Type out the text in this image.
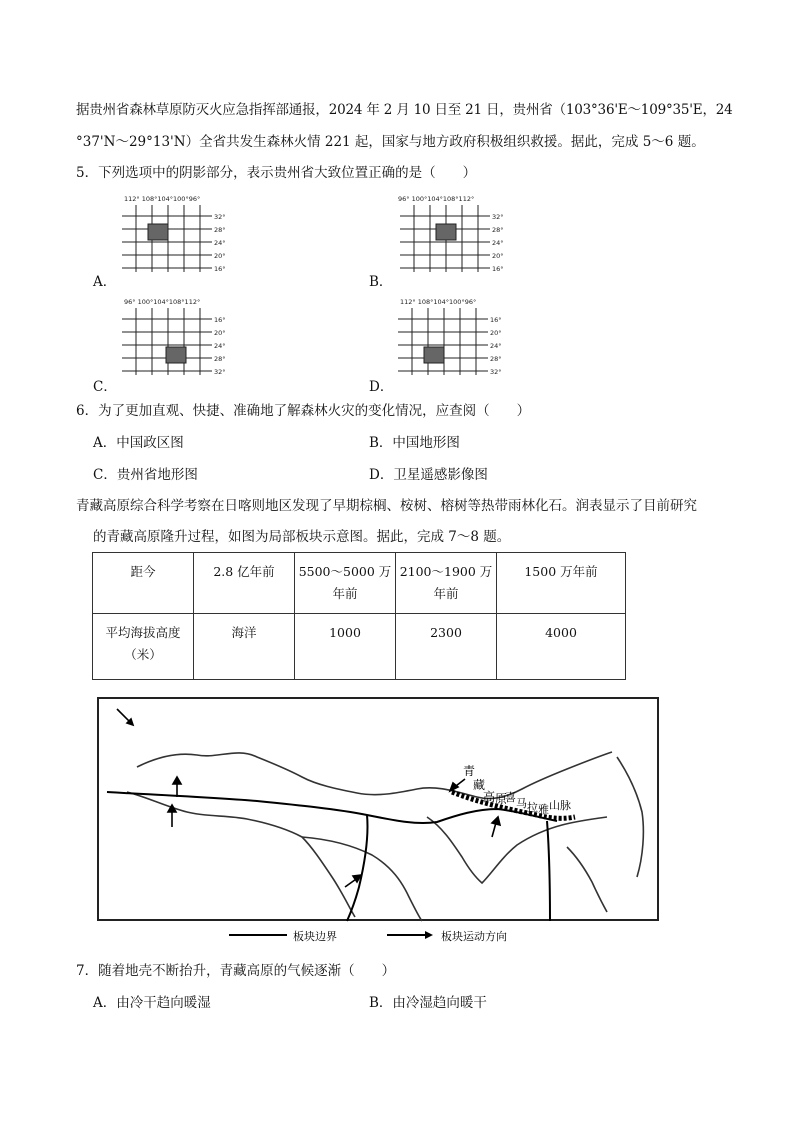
据贵州省森林草原防灭火应急指挥部通报，2024 年 2 月 10 日至 21 日，贵州省（103°36'E～109°35'E，24
°37'N～29°13'N）全省共发生森林火情 221 起，国家与地方政府积极组织救援。据此，完成 5～6 题。
5．下列选项中的阴影部分，表示贵州省大致位置正确的是（　　）
A．
112° 108°104°100°96°
32°
28°
24°
20°
16°
B．
96° 100°104°108°112°
32°
28°
24°
20°
16°
C．
96° 100°104°108°112°
16°
20°
24°
28°
32°
D．
112° 108°104°100°96°
16°
20°
24°
28°
32°
6．为了更加直观、快捷、准确地了解森林火灾的变化情况，应查阅（　　）
A．中国政区图	B．中国地形图
C．贵州省地形图	D．卫星遥感影像图
青藏高原综合科学考察在日喀则地区发现了早期棕榈、桉树、榕树等热带雨林化石。润表显示了目前研究
的青藏高原隆升过程，如图为局部板块示意图。据此，完成 7～8 题。
距今	2.8 亿年前	5500～5000 万年前	2100～1900 万年前	1500 万年前
平均海拔高度（米）	海洋	1000	2300	4000
青
藏
高 原
喜 马 拉 雅 山 脉
板块边界	板块运动方向
7．随着地壳不断抬升，青藏高原的气候逐渐（　　）
A．由冷干趋向暖湿	B．由冷湿趋向暖干
